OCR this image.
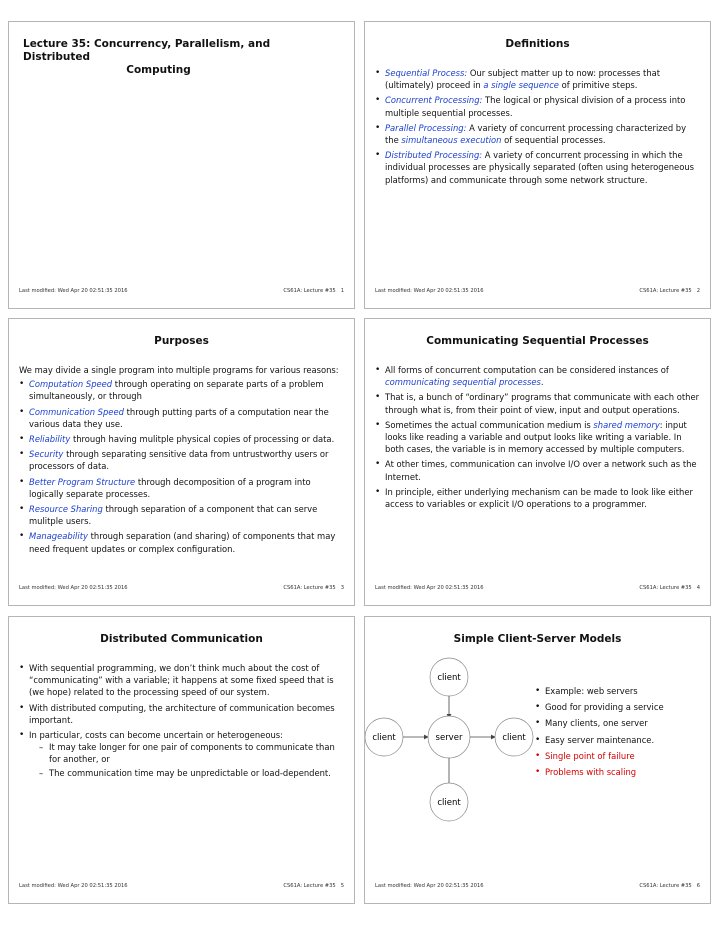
Lecture 35: Concurrency, Parallelism, and Distributed
Computing
Last modified: Wed Apr 20 02:51:35 2016	CS61A: Lecture #35 1
Definitions
• Sequential Process: Our subject matter up to now: processes that (ultimately) proceed in a single sequence of primitive steps.
• Concurrent Processing: The logical or physical division of a process into multiple sequential processes.
• Parallel Processing: A variety of concurrent processing characterized by the simultaneous execution of sequential processes.
• Distributed Processing: A variety of concurrent processing in which the individual processes are physically separated (often using heterogeneous platforms) and communicate through some network structure.
Last modified: Wed Apr 20 02:51:35 2016	CS61A: Lecture #35 2
Purposes

We may divide a single program into multiple programs for various reasons:

• Computation Speed through operating on separate parts of a problem simultaneously, or through
• Communication Speed through putting parts of a computation near the various data they use.
• Reliability through having mulitple physical copies of processing or data.
• Security through separating sensitive data from untrustworthy users or processors of data.
• Better Program Structure through decomposition of a program into logically separate processes.
• Resource Sharing through separation of a component that can serve mulitple users.
• Manageability through separation (and sharing) of components that may need frequent updates or complex configuration.
Last modified: Wed Apr 20 02:51:35 2016	CS61A: Lecture #35 3
Communicating Sequential Processes
• All forms of concurrent computation can be considered instances of communicating sequential processes.
• That is, a bunch of “ordinary” programs that communicate with each other through what is, from their point of view, input and output operations.
• Sometimes the actual communication medium is shared memory: input looks like reading a variable and output looks like writing a variable. In both cases, the variable is in memory accessed by multiple computers.
• At other times, communication can involve I/O over a network such as the Internet.
• In principle, either underlying mechanism can be made to look like either access to variables or explicit I/O operations to a programmer.
Last modified: Wed Apr 20 02:51:35 2016	CS61A: Lecture #35 4
Distributed Communication
• With sequential programming, we don’t think much about the cost of “communicating” with a variable; it happens at some fixed speed that is (we hope) related to the processing speed of our system.
• With distributed computing, the architecture of communication becomes important.
• In particular, costs can become uncertain or heterogeneous:
– It may take longer for one pair of components to communicate than for another, or
– The communication time may be unpredictable or load-dependent.
Last modified: Wed Apr 20 02:51:35 2016	CS61A: Lecture #35 5
Simple Client-Server Models
client
client	server	client
client
• Example: web servers
• Good for providing a service
• Many clients, one server
• Easy server maintenance.
• Single point of failure
• Problems with scaling
Last modified: Wed Apr 20 02:51:35 2016	CS61A: Lecture #35 6
